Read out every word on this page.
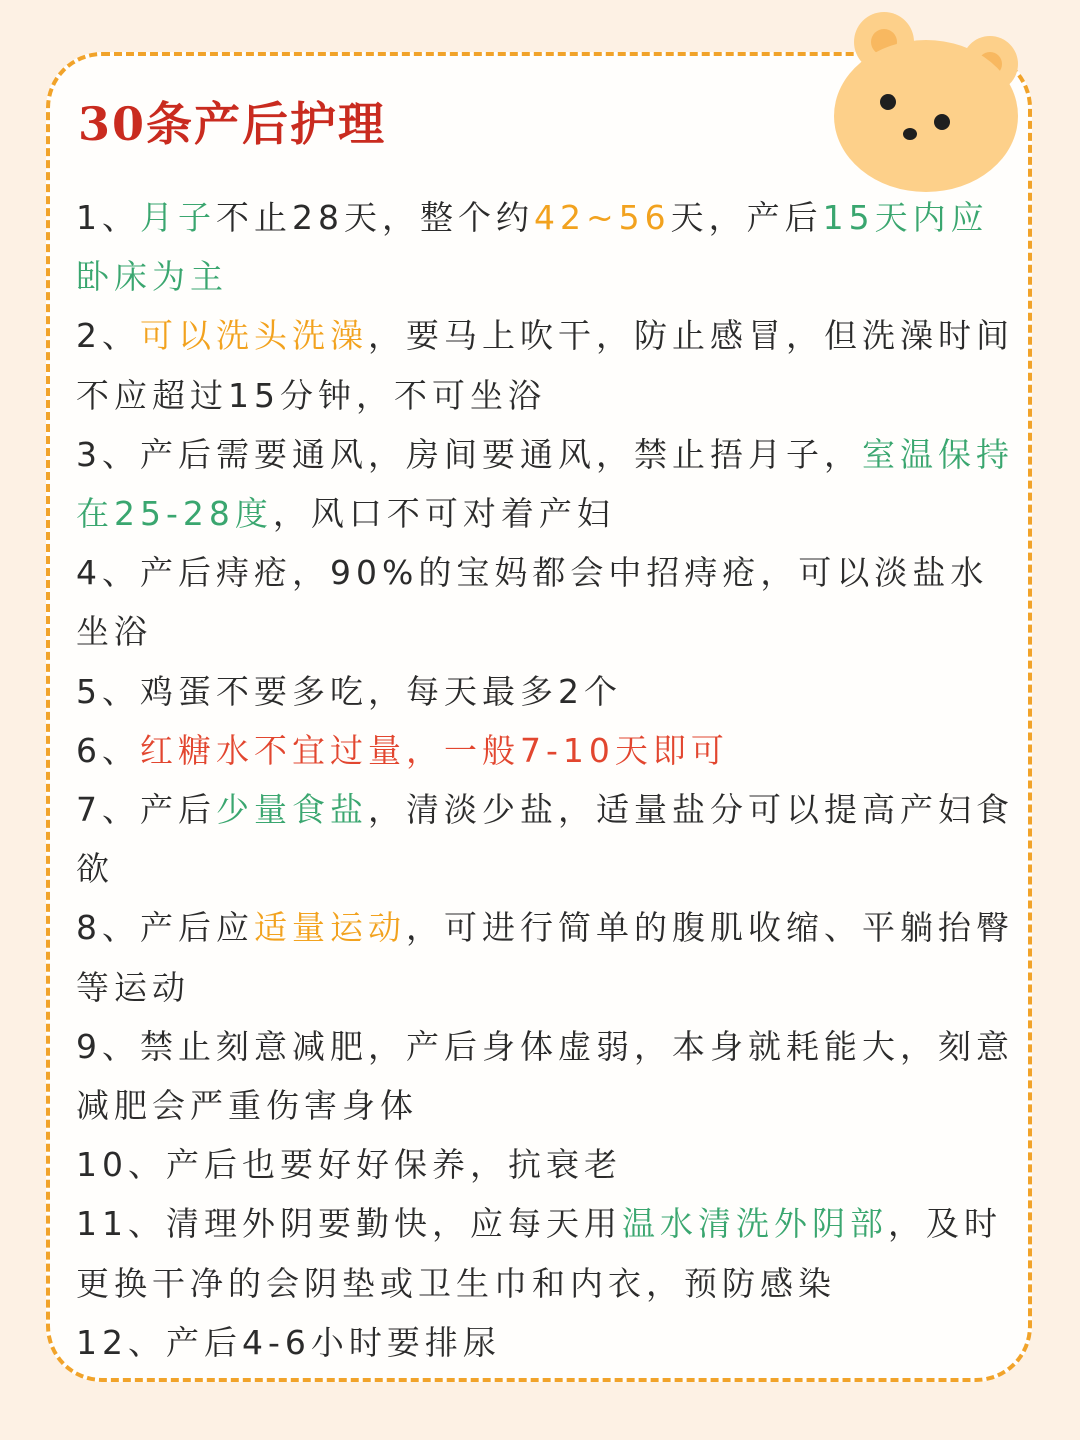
30条产后护理
1、月子不止28天，整个约42~56天，产后15天内应卧床为主
2、可以洗头洗澡，要马上吹干，防止感冒，但洗澡时间不应超过15分钟，不可坐浴
3、产后需要通风，房间要通风，禁止捂月子，室温保持在25-28度，风口不可对着产妇
4、产后痔疮，90%的宝妈都会中招痔疮，可以淡盐水坐浴
5、鸡蛋不要多吃，每天最多2个
6、红糖水不宜过量，一般7-10天即可
7、产后少量食盐，清淡少盐，适量盐分可以提高产妇食欲
8、产后应适量运动，可进行简单的腹肌收缩、平躺抬臀等运动
9、禁止刻意减肥，产后身体虚弱，本身就耗能大，刻意减肥会严重伤害身体
10、产后也要好好保养，抗衰老
11、清理外阴要勤快，应每天用温水清洗外阴部，及时更换干净的会阴垫或卫生巾和内衣，预防感染
12、产后4-6小时要排尿
